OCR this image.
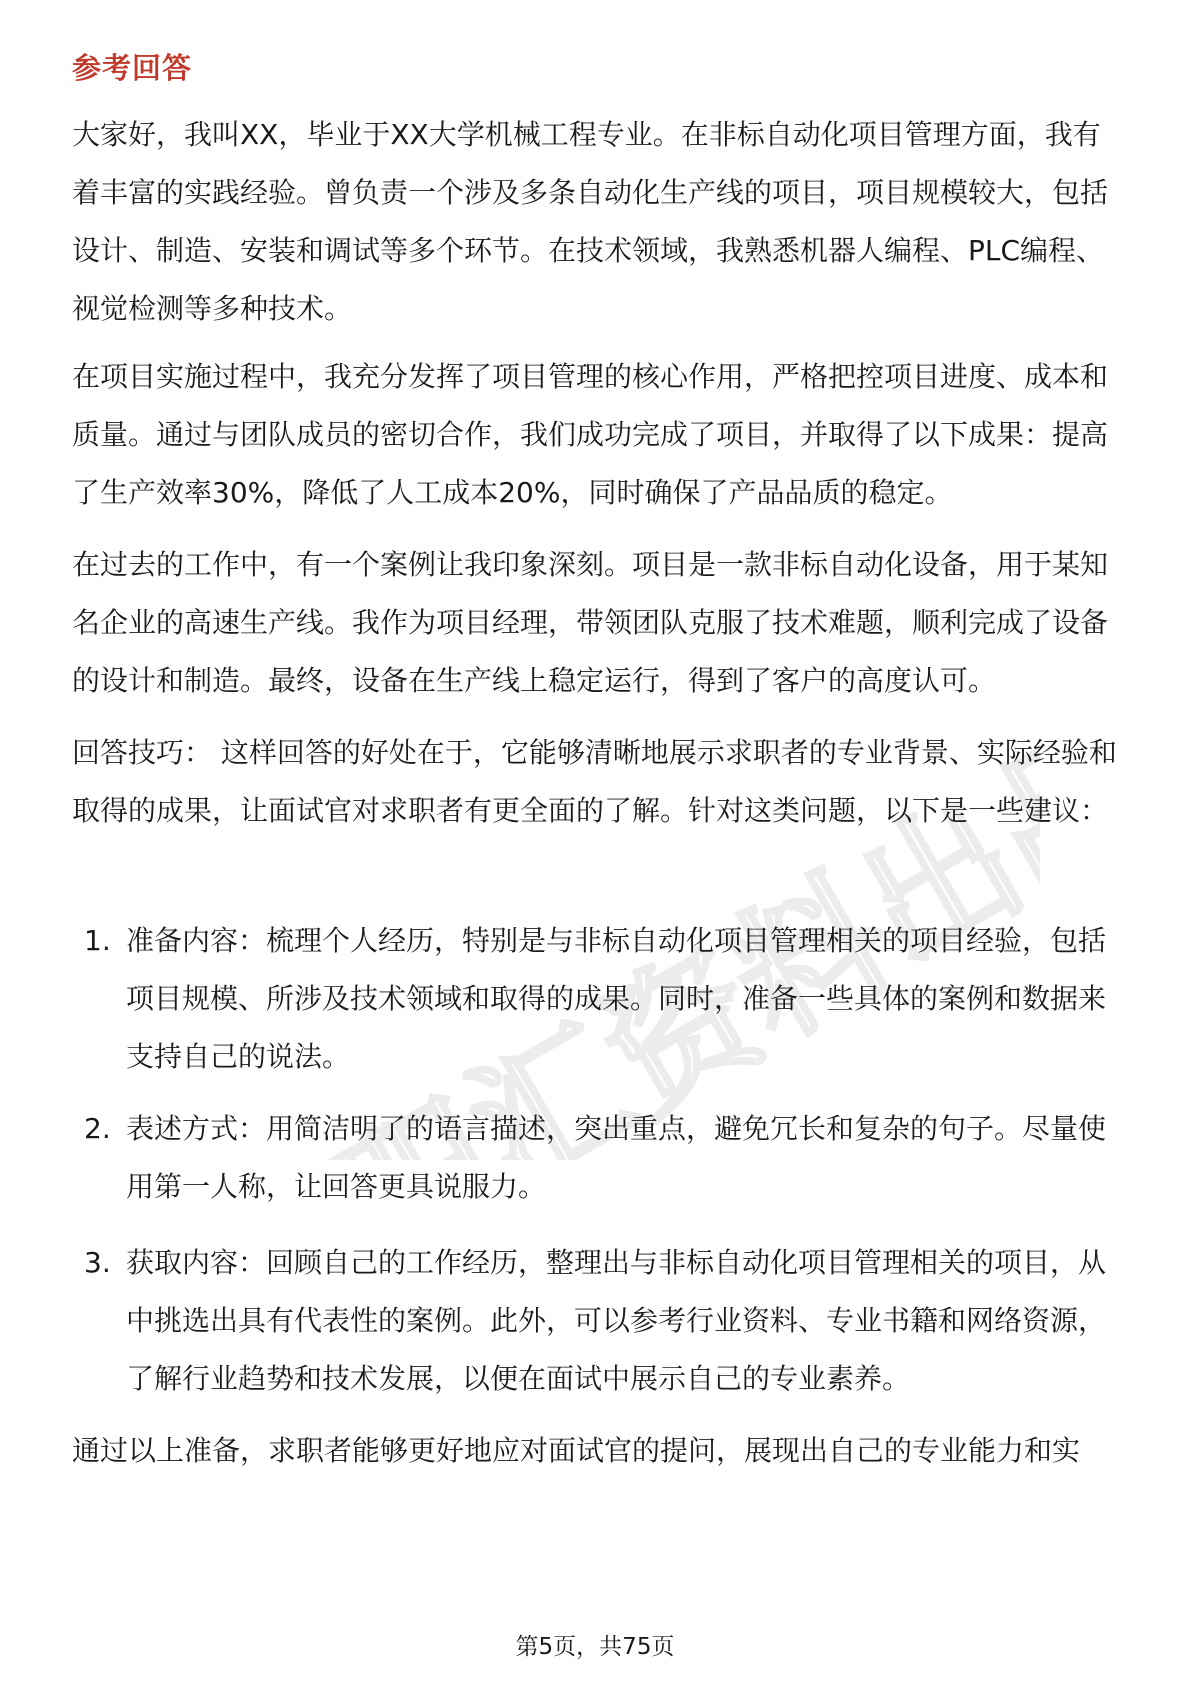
职汇资料出品
参考回答

大家好，我叫XX，毕业于XX大学机械工程专业。在非标自动化项目管理方面，我有着丰富的实践经验。曾负责一个涉及多条自动化生产线的项目，项目规模较大，包括设计、制造、安装和调试等多个环节。在技术领域，我熟悉机器人编程、PLC编程、视觉检测等多种技术。

在项目实施过程中，我充分发挥了项目管理的核心作用，严格把控项目进度、成本和质量。通过与团队成员的密切合作，我们成功完成了项目，并取得了以下成果：提高了生产效率30%，降低了人工成本20%，同时确保了产品品质的稳定。

在过去的工作中，有一个案例让我印象深刻。项目是一款非标自动化设备，用于某知名企业的高速生产线。我作为项目经理，带领团队克服了技术难题，顺利完成了设备的设计和制造。最终，设备在生产线上稳定运行，得到了客户的高度认可。

回答技巧： 这样回答的好处在于，它能够清晰地展示求职者的专业背景、实际经验和取得的成果，让面试官对求职者有更全面的了解。针对这类问题，以下是一些建议：

1. 准备内容：梳理个人经历，特别是与非标自动化项目管理相关的项目经验，包括项目规模、所涉及技术领域和取得的成果。同时，准备一些具体的案例和数据来支持自己的说法。
2. 表述方式：用简洁明了的语言描述，突出重点，避免冗长和复杂的句子。尽量使用第一人称，让回答更具说服力。
3. 获取内容：回顾自己的工作经历，整理出与非标自动化项目管理相关的项目，从中挑选出具有代表性的案例。此外，可以参考行业资料、专业书籍和网络资源，了解行业趋势和技术发展，以便在面试中展示自己的专业素养。

通过以上准备，求职者能够更好地应对面试官的提问，展现出自己的专业能力和实

第5页，共75页
